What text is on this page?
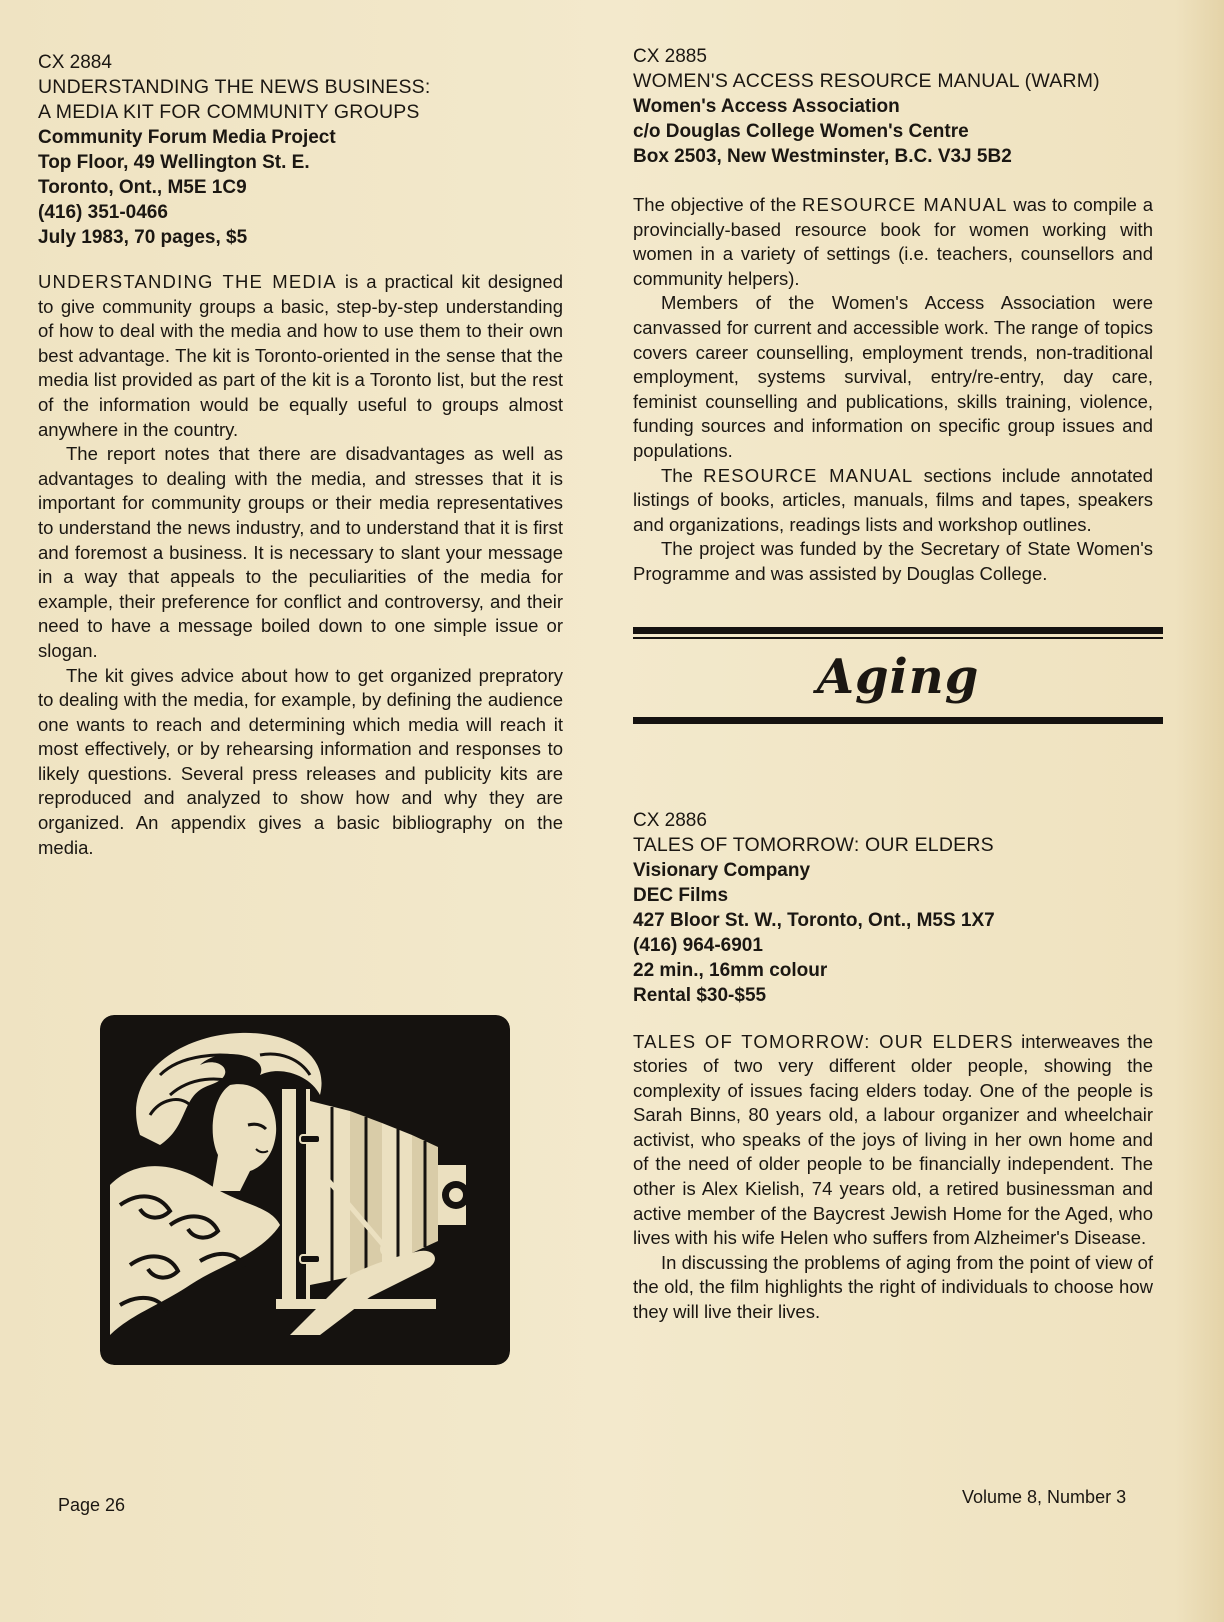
CX 2884
UNDERSTANDING THE NEWS BUSINESS:
A MEDIA KIT FOR COMMUNITY GROUPS
Community Forum Media Project
Top Floor, 49 Wellington St. E.
Toronto, Ont., M5E 1C9
(416) 351-0466
July 1983, 70 pages, $5

UNDERSTANDING THE MEDIA is a practical kit designed to give community groups a basic, step-by-step understanding of how to deal with the media and how to use them to their own best advantage. The kit is Toronto-oriented in the sense that the media list provided as part of the kit is a Toronto list, but the rest of the information would be equally useful to groups almost anywhere in the country.

The report notes that there are disadvantages as well as advantages to dealing with the media, and stresses that it is important for community groups or their media representatives to understand the news industry, and to understand that it is first and foremost a business. It is necessary to slant your message in a way that appeals to the peculiarities of the media for example, their preference for conflict and controversy, and their need to have a message boiled down to one simple issue or slogan.

The kit gives advice about how to get organized prepratory to dealing with the media, for example, by defining the audience one wants to reach and determining which media will reach it most effectively, or by rehearsing information and responses to likely questions. Several press releases and publicity kits are reproduced and analyzed to show how and why they are organized. An appendix gives a basic bibliography on the media.

CX 2885
WOMEN'S ACCESS RESOURCE MANUAL (WARM)
Women's Access Association
c/o Douglas College Women's Centre
Box 2503, New Westminster, B.C. V3J 5B2

The objective of the RESOURCE MANUAL was to compile a provincially-based resource book for women working with women in a variety of settings (i.e. teachers, counsellors and community helpers).

Members of the Women's Access Association were canvassed for current and accessible work. The range of topics covers career counselling, employment trends, non-traditional employment, systems survival, entry/re-entry, day care, feminist counselling and publications, skills training, violence, funding sources and information on specific group issues and populations.

The RESOURCE MANUAL sections include annotated listings of books, articles, manuals, films and tapes, speakers and organizations, readings lists and workshop outlines.

The project was funded by the Secretary of State Women's Programme and was assisted by Douglas College.

Aging
CX 2886
TALES OF TOMORROW: OUR ELDERS
Visionary Company
DEC Films
427 Bloor St. W., Toronto, Ont., M5S 1X7
(416) 964-6901
22 min., 16mm colour
Rental $30-$55

TALES OF TOMORROW: OUR ELDERS interweaves the stories of two very different older people, showing the complexity of issues facing elders today. One of the people is Sarah Binns, 80 years old, a labour organizer and wheelchair activist, who speaks of the joys of living in her own home and of the need of older people to be financially independent. The other is Alex Kielish, 74 years old, a retired businessman and active member of the Baycrest Jewish Home for the Aged, who lives with his wife Helen who suffers from Alzheimer's Disease.

In discussing the problems of aging from the point of view of the old, the film highlights the right of individuals to choose how they will live their lives.

Page 26	Volume 8, Number 3
